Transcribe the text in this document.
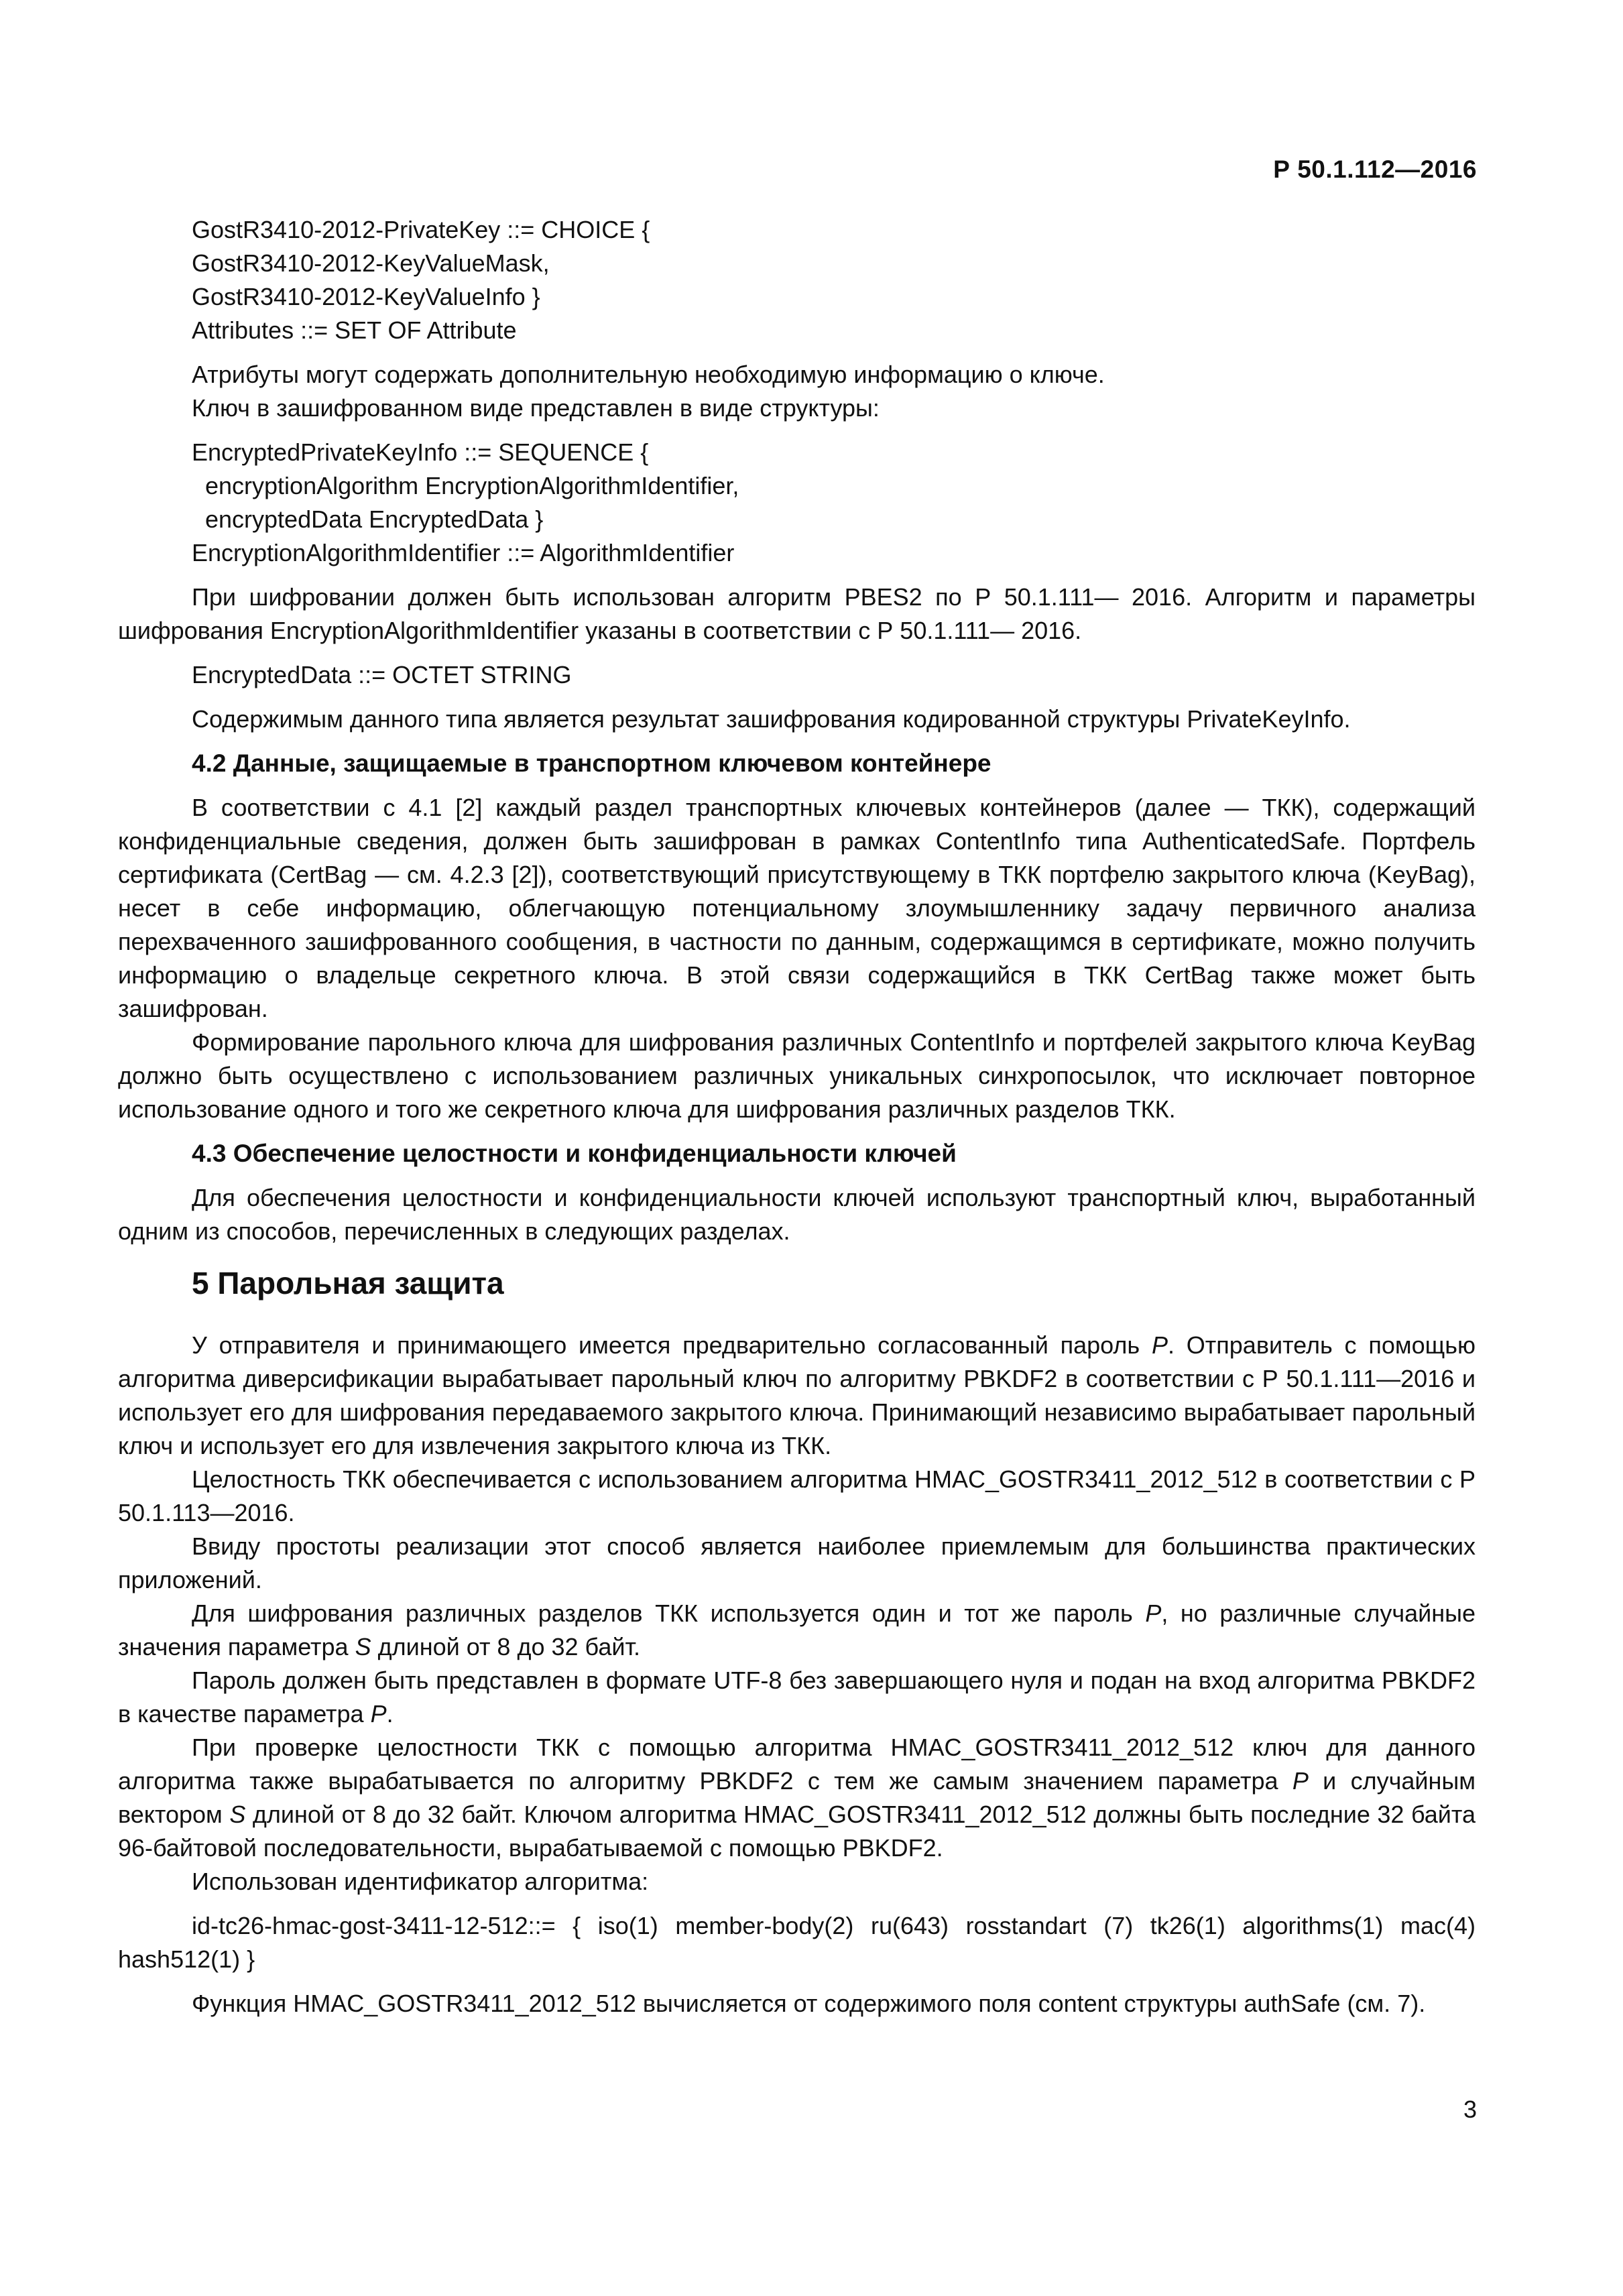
Р 50.1.112—2016
GostR3410-2012-PrivateKey ::= CHOICE {
GostR3410-2012-KeyValueMask,
GostR3410-2012-KeyValueInfo }
Attributes ::= SET OF Attribute
Атрибуты могут содержать дополнительную необходимую информацию о ключе.
Ключ в зашифрованном виде представлен в виде структуры:
EncryptedPrivateKeyInfo ::= SEQUENCE {
encryptionAlgorithm EncryptionAlgorithmIdentifier,
encryptedData EncryptedData }
EncryptionAlgorithmIdentifier ::= AlgorithmIdentifier

При шифровании должен быть использован алгоритм PBES2 по Р 50.1.111— 2016. Алгоритм и параметры шифрования EncryptionAlgorithmIdentifier указаны в соответствии с Р 50.1.111— 2016.

EncryptedData ::= OCTET STRING

Содержимым данного типа является результат зашифрования кодированной структуры PrivateKeyInfo.

4.2 Данные, защищаемые в транспортном ключевом контейнере

В соответствии с 4.1 [2] каждый раздел транспортных ключевых контейнеров (далее — ТКК), содержащий конфиденциальные сведения, должен быть зашифрован в рамках ContentInfo типа AuthenticatedSafe. Портфель сертификата (CertBag — см. 4.2.3 [2]), соответствующий присутствующему в ТКК портфелю закрытого ключа (KeyBag), несет в себе информацию, облегчающую потенциальному злоумышленнику задачу первичного анализа перехваченного зашифрованного сообщения, в частности по данным, содержащимся в сертификате, можно получить информацию о владельце секретного ключа. В этой связи содержащийся в ТКК CertBag также может быть зашифрован.

Формирование парольного ключа для шифрования различных ContentInfo и портфелей закрытого ключа KeyBag должно быть осуществлено с использованием различных уникальных синхропосылок, что исключает повторное использование одного и того же секретного ключа для шифрования различных разделов ТКК.

4.3 Обеспечение целостности и конфиденциальности ключей

Для обеспечения целостности и конфиденциальности ключей используют транспортный ключ, выработанный одним из способов, перечисленных в следующих разделах.

5 Парольная защита

У отправителя и принимающего имеется предварительно согласованный пароль P. Отправитель с помощью алгоритма диверсификации вырабатывает парольный ключ по алгоритму PBKDF2 в соответствии с Р 50.1.111—2016 и использует его для шифрования передаваемого закрытого ключа. Принимающий независимо вырабатывает парольный ключ и использует его для извлечения закрытого ключа из ТКК.

Целостность ТКК обеспечивается с использованием алгоритма HMAC_GOSTR3411_2012_512 в соответствии с Р 50.1.113—2016.

Ввиду простоты реализации этот способ является наиболее приемлемым для большинства практических приложений.

Для шифрования различных разделов ТКК используется один и тот же пароль P, но различные случайные значения параметра S длиной от 8 до 32 байт.

Пароль должен быть представлен в формате UTF-8 без завершающего нуля и подан на вход алгоритма PBKDF2 в качестве параметра P.

При проверке целостности ТКК с помощью алгоритма HMAC_GOSTR3411_2012_512 ключ для данного алгоритма также вырабатывается по алгоритму PBKDF2 с тем же самым значением параметра P и случайным вектором S длиной от 8 до 32 байт. Ключом алгоритма HMAC_GOSTR3411_2012_512 должны быть последние 32 байта 96-байтовой последовательности, вырабатываемой с помощью PBKDF2.

Использован идентификатор алгоритма:

id-tc26-hmac-gost-3411-12-512::= { iso(1) member-body(2) ru(643) rosstandart (7) tk26(1) algorithms(1) mac(4) hash512(1) }

Функция HMAC_GOSTR3411_2012_512 вычисляется от содержимого поля content структуры authSafe (см. 7).

3
